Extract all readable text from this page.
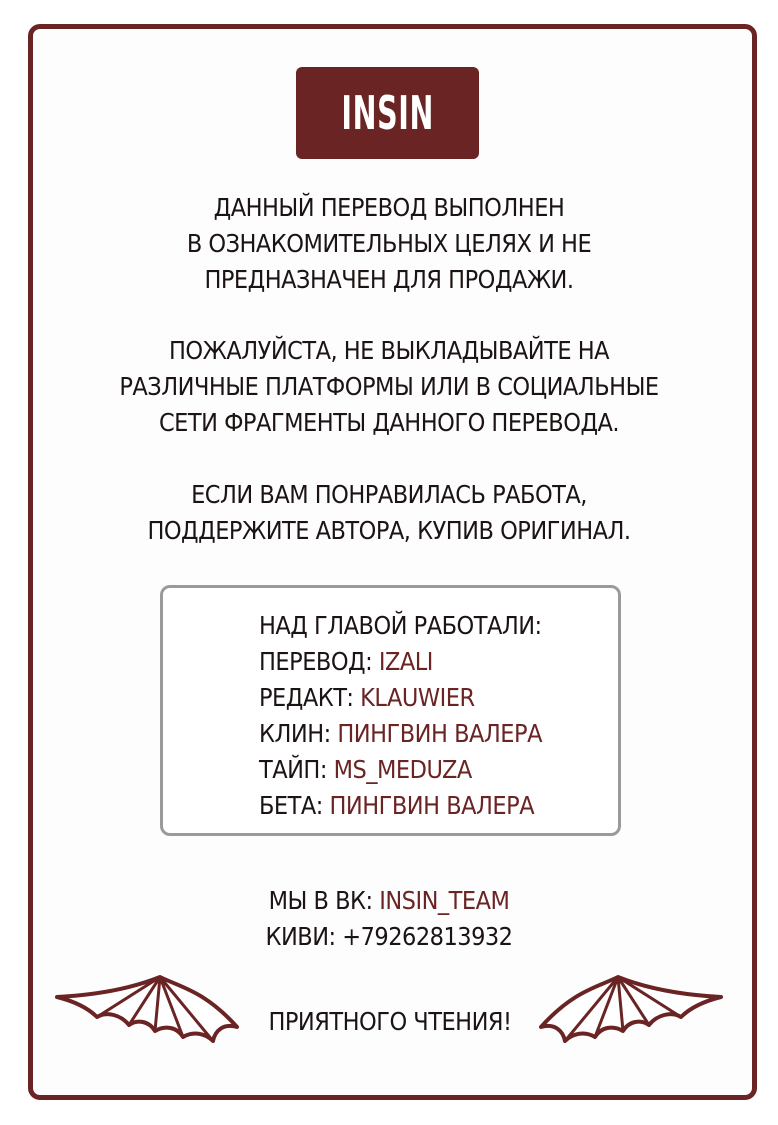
INSIN
ДАННЫЙ ПЕРЕВОД ВЫПОЛНЕН
В ОЗНАКОМИТЕЛЬНЫХ ЦЕЛЯХ И НЕ
ПРЕДНАЗНАЧЕН ДЛЯ ПРОДАЖИ.
ПОЖАЛУЙСТА, НЕ ВЫКЛАДЫВАЙТЕ НА
РАЗЛИЧНЫЕ ПЛАТФОРМЫ ИЛИ В СОЦИАЛЬНЫЕ
СЕТИ ФРАГМЕНТЫ ДАННОГО ПЕРЕВОДА.
ЕСЛИ ВАМ ПОНРАВИЛАСЬ РАБОТА,
ПОДДЕРЖИТЕ АВТОРА, КУПИВ ОРИГИНАЛ.
НАД ГЛАВОЙ РАБОТАЛИ:
ПЕРЕВОД: IZALI
РЕДАКТ: KLAUWIER
КЛИН: ПИНГВИН ВАЛЕРА
ТАЙП: MS_MEDUZA
БЕТА: ПИНГВИН ВАЛЕРА
МЫ В ВК: INSIN_TEAM
КИВИ: +79262813932
ПРИЯТНОГО ЧТЕНИЯ!
